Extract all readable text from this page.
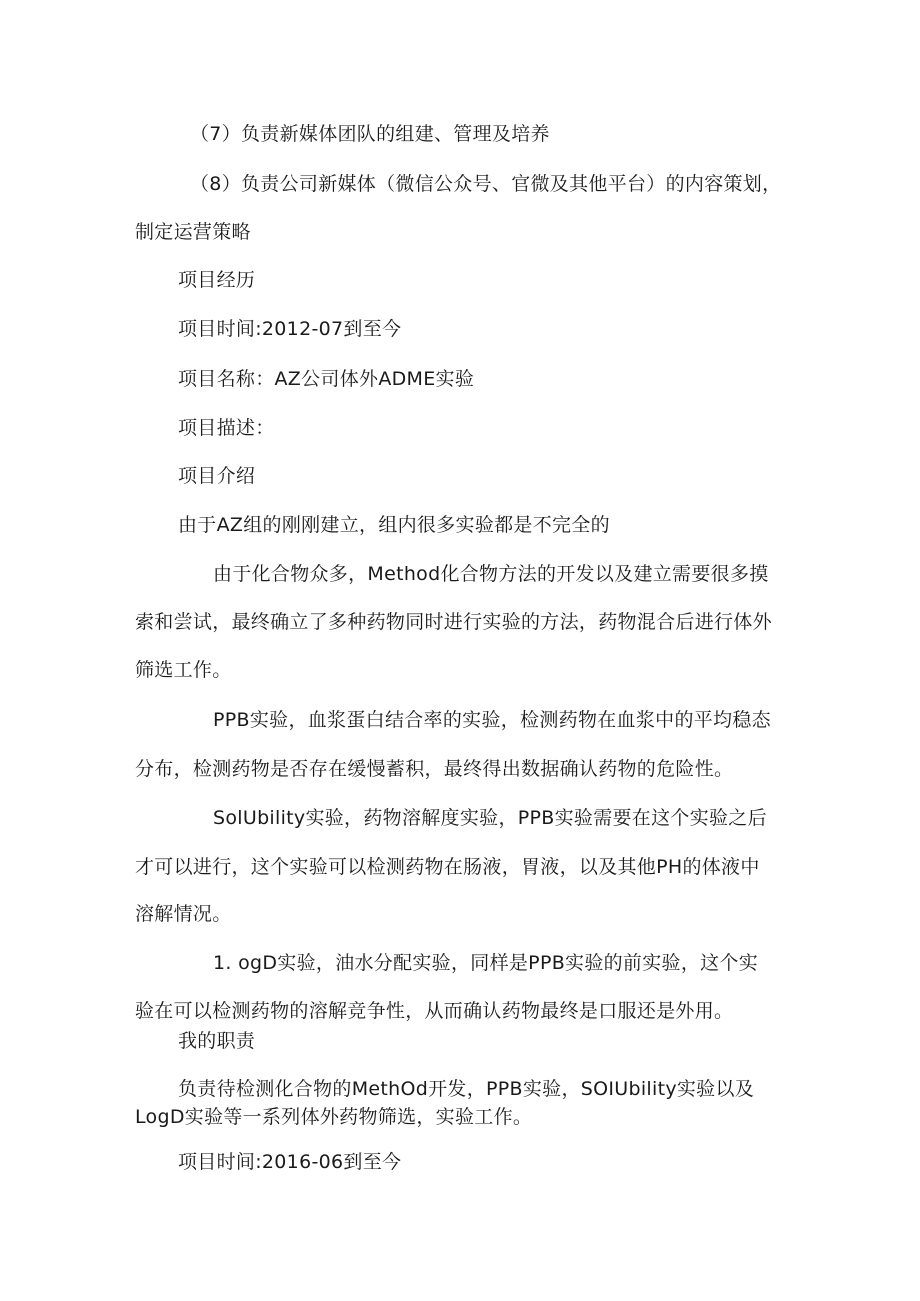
（7）负责新媒体团队的组建、管理及培养
（8）负责公司新媒体（微信公众号、官微及其他平台）的内容策划，
制定运营策略
项目经历
项目时间:2012-07到至今
项目名称：AZ公司体外ADME实验
项目描述：
项目介绍
由于AZ组的刚刚建立，组内很多实验都是不完全的
由于化合物众多，Method化合物方法的开发以及建立需要很多摸
索和尝试，最终确立了多种药物同时进行实验的方法，药物混合后进行体外
筛选工作。
PPB实验，血浆蛋白结合率的实验，检测药物在血浆中的平均稳态
分布，检测药物是否存在缓慢蓄积，最终得出数据确认药物的危险性。
SolUbility实验，药物溶解度实验，PPB实验需要在这个实验之后
才可以进行，这个实验可以检测药物在肠液，胃液，以及其他PH的体液中
溶解情况。
1. ogD实验，油水分配实验，同样是PPB实验的前实验，这个实
验在可以检测药物的溶解竞争性，从而确认药物最终是口服还是外用。
我的职责
负责待检测化合物的MethOd开发，PPB实验，SOIUbility实验以及
LogD实验等一系列体外药物筛选，实验工作。
项目时间:2016-06到至今
